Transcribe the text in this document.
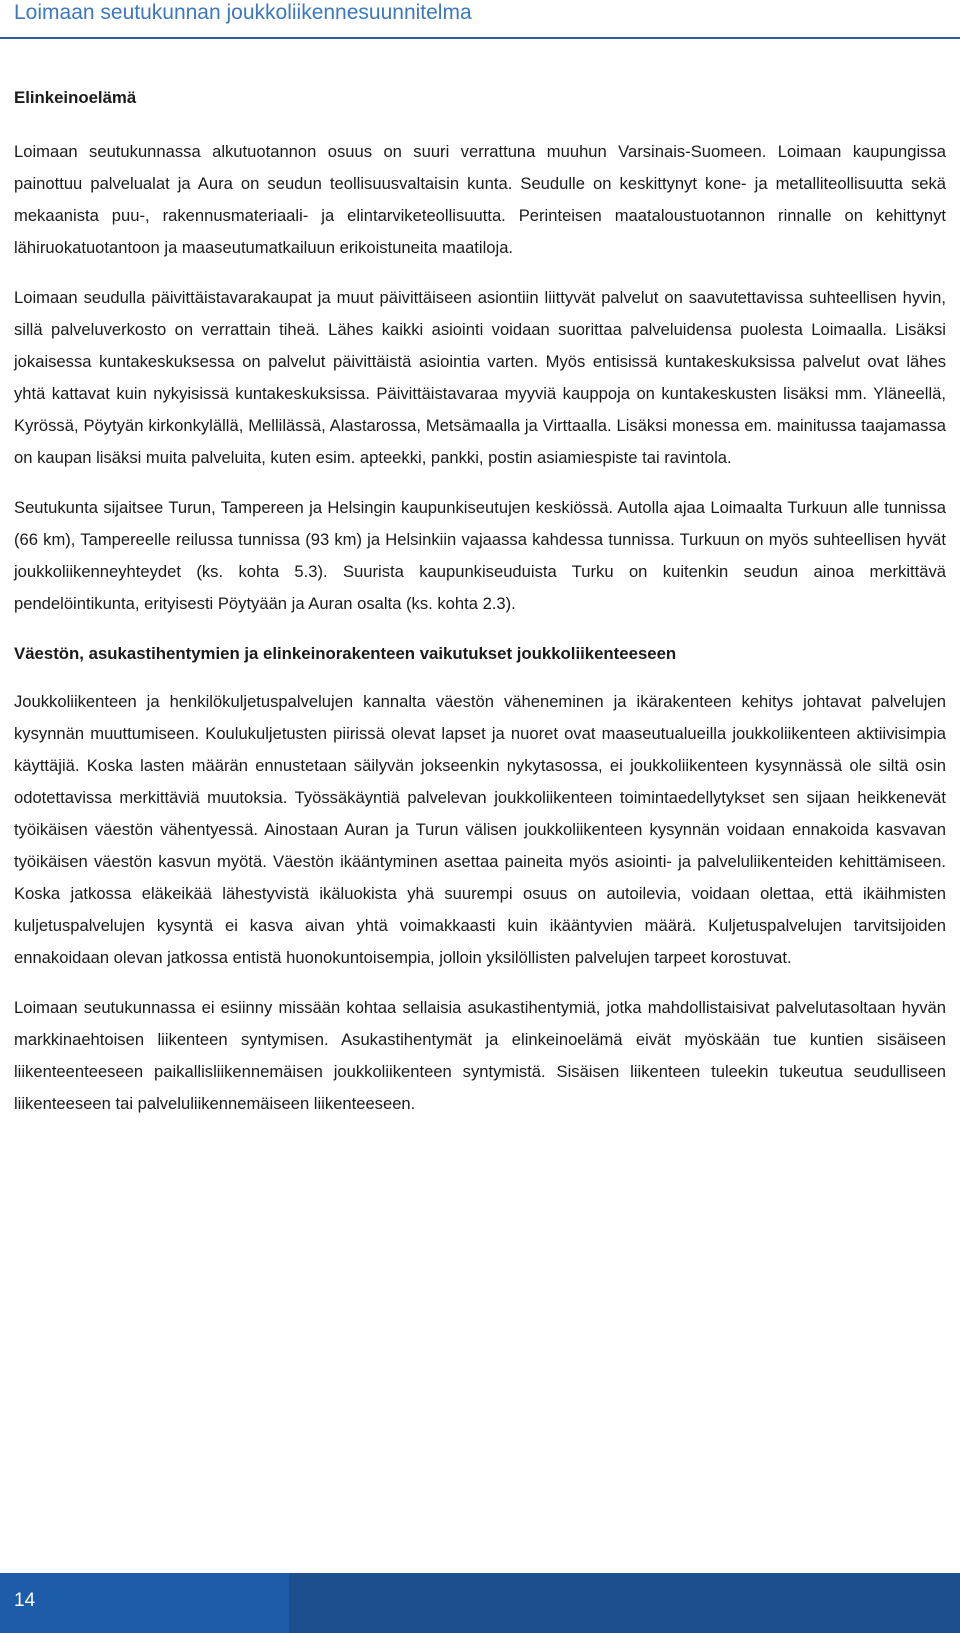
Loimaan seutukunnan joukkoliikennesuunnitelma
Elinkeinoelämä

Loimaan seutukunnassa alkutuotannon osuus on suuri verrattuna muuhun Varsinais-Suomeen. Loimaan kaupungissa painottuu palvelualat ja Aura on seudun teollisuusvaltaisin kunta. Seudulle on keskittynyt kone- ja metalliteollisuutta sekä mekaanista puu-, rakennusmateriaali- ja elintarviketeollisuutta. Perinteisen maataloustuotannon rinnalle on kehittynyt lähiruokatuotantoon ja maaseutumatkailuun erikoistuneita maatiloja.

Loimaan seudulla päivittäistavarakaupat ja muut päivittäiseen asiontiin liittyvät palvelut on saavutettavissa suhteellisen hyvin, sillä palveluverkosto on verrattain tiheä. Lähes kaikki asiointi voidaan suorittaa palveluidensa puolesta Loimaalla. Lisäksi jokaisessa kuntakeskuksessa on palvelut päivittäistä asiointia varten. Myös entisissä kuntakeskuksissa palvelut ovat lähes yhtä kattavat kuin nykyisissä kuntakeskuksissa. Päivittäistavaraa myyviä kauppoja on kuntakeskusten lisäksi mm. Yläneellä, Kyrössä, Pöytyän kirkonkylällä, Mellilässä, Alastarossa, Metsämaalla ja Virttaalla. Lisäksi monessa em. mainitussa taajamassa on kaupan lisäksi muita palveluita, kuten esim. apteekki, pankki, postin asiamiespiste tai ravintola.

Seutukunta sijaitsee Turun, Tampereen ja Helsingin kaupunkiseutujen keskiössä. Autolla ajaa Loimaalta Turkuun alle tunnissa (66 km), Tampereelle reilussa tunnissa (93 km) ja Helsinkiin vajaassa kahdessa tunnissa. Turkuun on myös suhteellisen hyvät joukkoliikenneyhteydet (ks. kohta 5.3). Suurista kaupunkiseuduista Turku on kuitenkin seudun ainoa merkittävä pendelöintikunta, erityisesti Pöytyään ja Auran osalta (ks. kohta 2.3).

Väestön, asukastihentymien ja elinkeinorakenteen vaikutukset joukkoliikenteeseen

Joukkoliikenteen ja henkilökuljetuspalvelujen kannalta väestön väheneminen ja ikärakenteen kehitys johtavat palvelujen kysynnän muuttumiseen. Koulukuljetusten piirissä olevat lapset ja nuoret ovat maaseutualueilla joukkoliikenteen aktiivisimpia käyttäjiä. Koska lasten määrän ennustetaan säilyvän jokseenkin nykytasossa, ei joukkoliikenteen kysynnässä ole siltä osin odotettavissa merkittäviä muutoksia. Työssäkäyntiä palvelevan joukkoliikenteen toimintaedellytykset sen sijaan heikkenevät työikäisen väestön vähentyessä. Ainostaan Auran ja Turun välisen joukkoliikenteen kysynnän voidaan ennakoida kasvavan työikäisen väestön kasvun myötä. Väestön ikääntyminen asettaa paineita myös asiointi- ja palveluliikenteiden kehittämiseen. Koska jatkossa eläkeikää lähestyvistä ikäluokista yhä suurempi osuus on autoilevia, voidaan olettaa, että ikäihmisten kuljetuspalvelujen kysyntä ei kasva aivan yhtä voimakkaasti kuin ikääntyvien määrä. Kuljetuspalvelujen tarvitsijoiden ennakoidaan olevan jatkossa entistä huonokuntoisempia, jolloin yksilöllisten palvelujen tarpeet korostuvat.

Loimaan seutukunnassa ei esiinny missään kohtaa sellaisia asukastihentymiä, jotka mahdollistaisivat palvelutasoltaan hyvän markkinaehtoisen liikenteen syntymisen. Asukastihentymät ja elinkeinoelämä eivät myöskään tue kuntien sisäiseen liikenteenteeseen paikallisliikennemäisen joukkoliikenteen syntymistä. Sisäisen liikenteen tuleekin tukeutua seudulliseen liikenteeseen tai palveluliikennemäiseen liikenteeseen.

14
